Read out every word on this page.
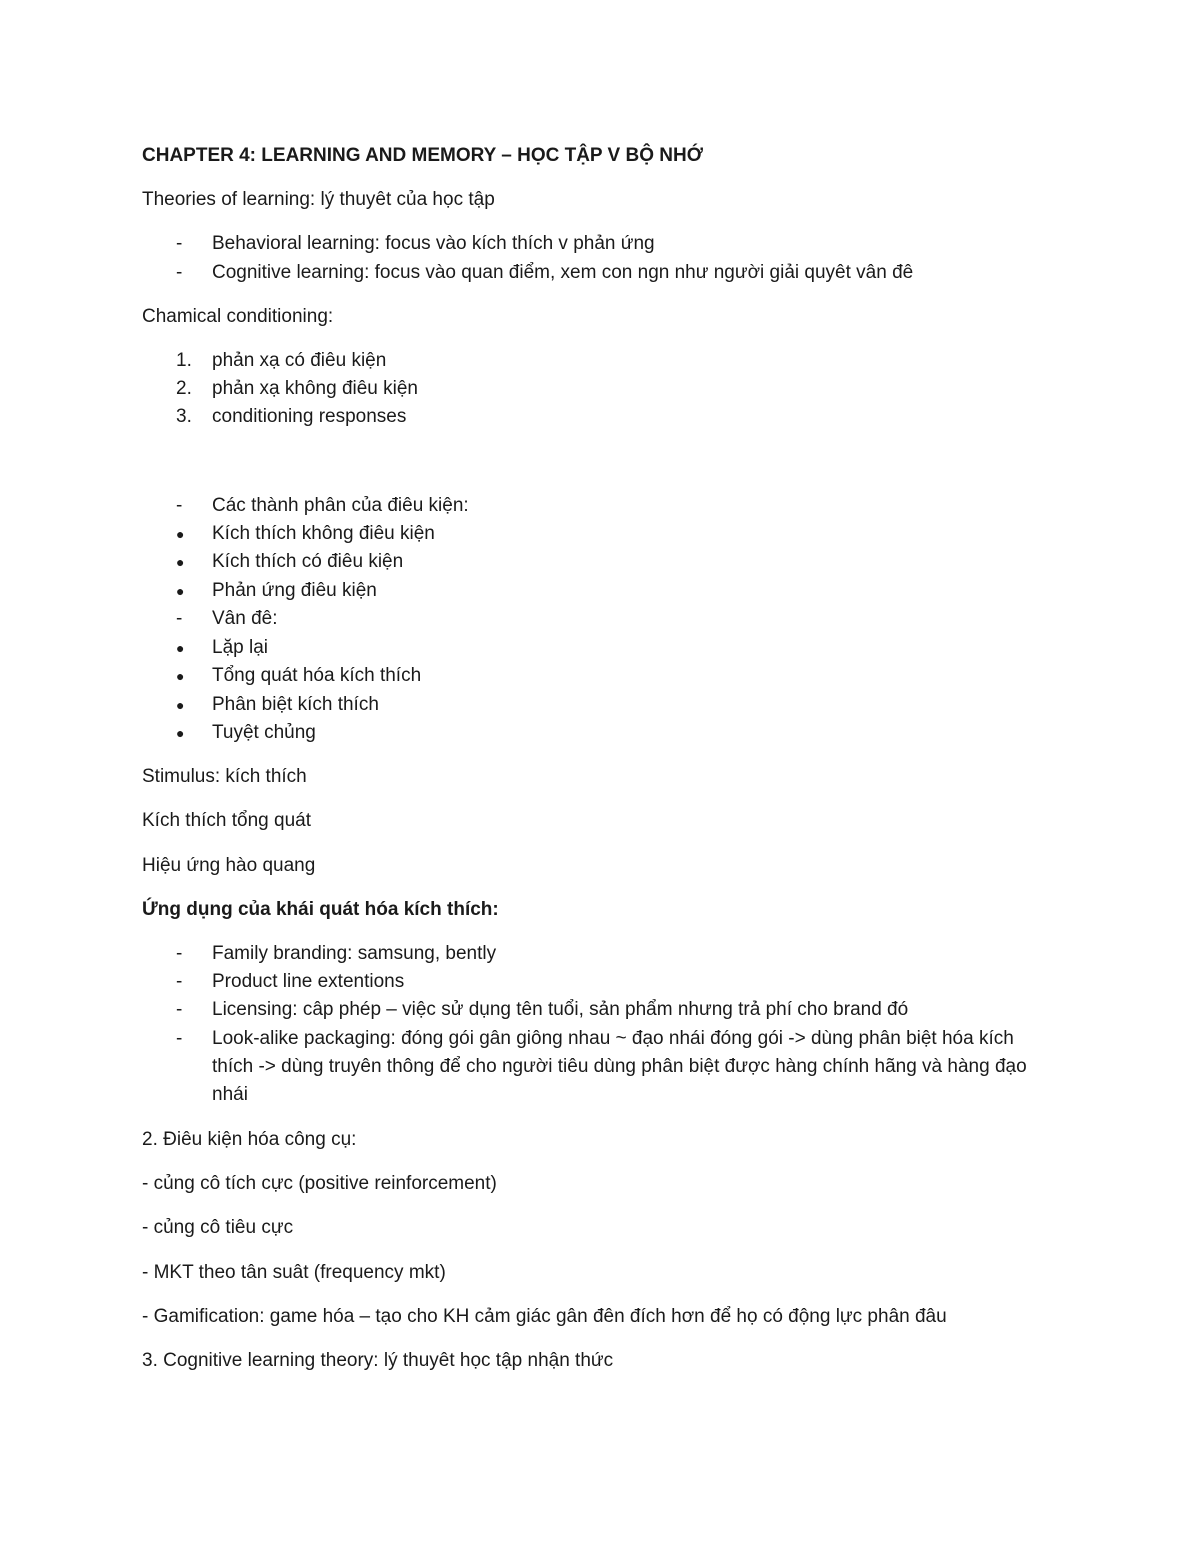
CHAPTER 4: LEARNING AND MEMORY – HỌC TẬP V BỘ NHỚ

Theories of learning: lý thuyêt của học tập

-	Behavioral learning: focus vào kích thích v phản ứng
-	Cognitive learning: focus vào quan điểm, xem con ngn như người giải quyêt vân đê

Chamical conditioning:

1. phản xạ có điêu kiện
2. phản xạ không điêu kiện
3. conditioning responses
-	Các thành phân của điêu kiện:
●	Kích thích không điêu kiện
●	Kích thích có điêu kiện
●	Phản ứng điêu kiện
-	Vân đê:
●	Lặp lại
●	Tổng quát hóa kích thích
●	Phân biệt kích thích
●	Tuyệt chủng

Stimulus: kích thích

Kích thích tổng quát

Hiệu ứng hào quang

Ứng dụng của khái quát hóa kích thích:

-	Family branding: samsung, bently
-	Product line extentions
-	Licensing: câp phép – việc sử dụng tên tuổi, sản phẩm nhưng trả phí cho brand đó
-	Look-alike packaging: đóng gói gân giông nhau ~ đạo nhái đóng gói -> dùng phân biệt hóa kích thích -> dùng truyên thông để cho người tiêu dùng phân biệt được hàng chính hãng và hàng đạo nhái

2. Điêu kiện hóa công cụ:

- củng cô tích cực (positive reinforcement)

- củng cô tiêu cực

- MKT theo tân suât (frequency mkt)

- Gamification: game hóa – tạo cho KH cảm giác gân đên đích hơn để họ có động lực phân đâu

3. Cognitive learning theory: lý thuyêt học tập nhận thức
